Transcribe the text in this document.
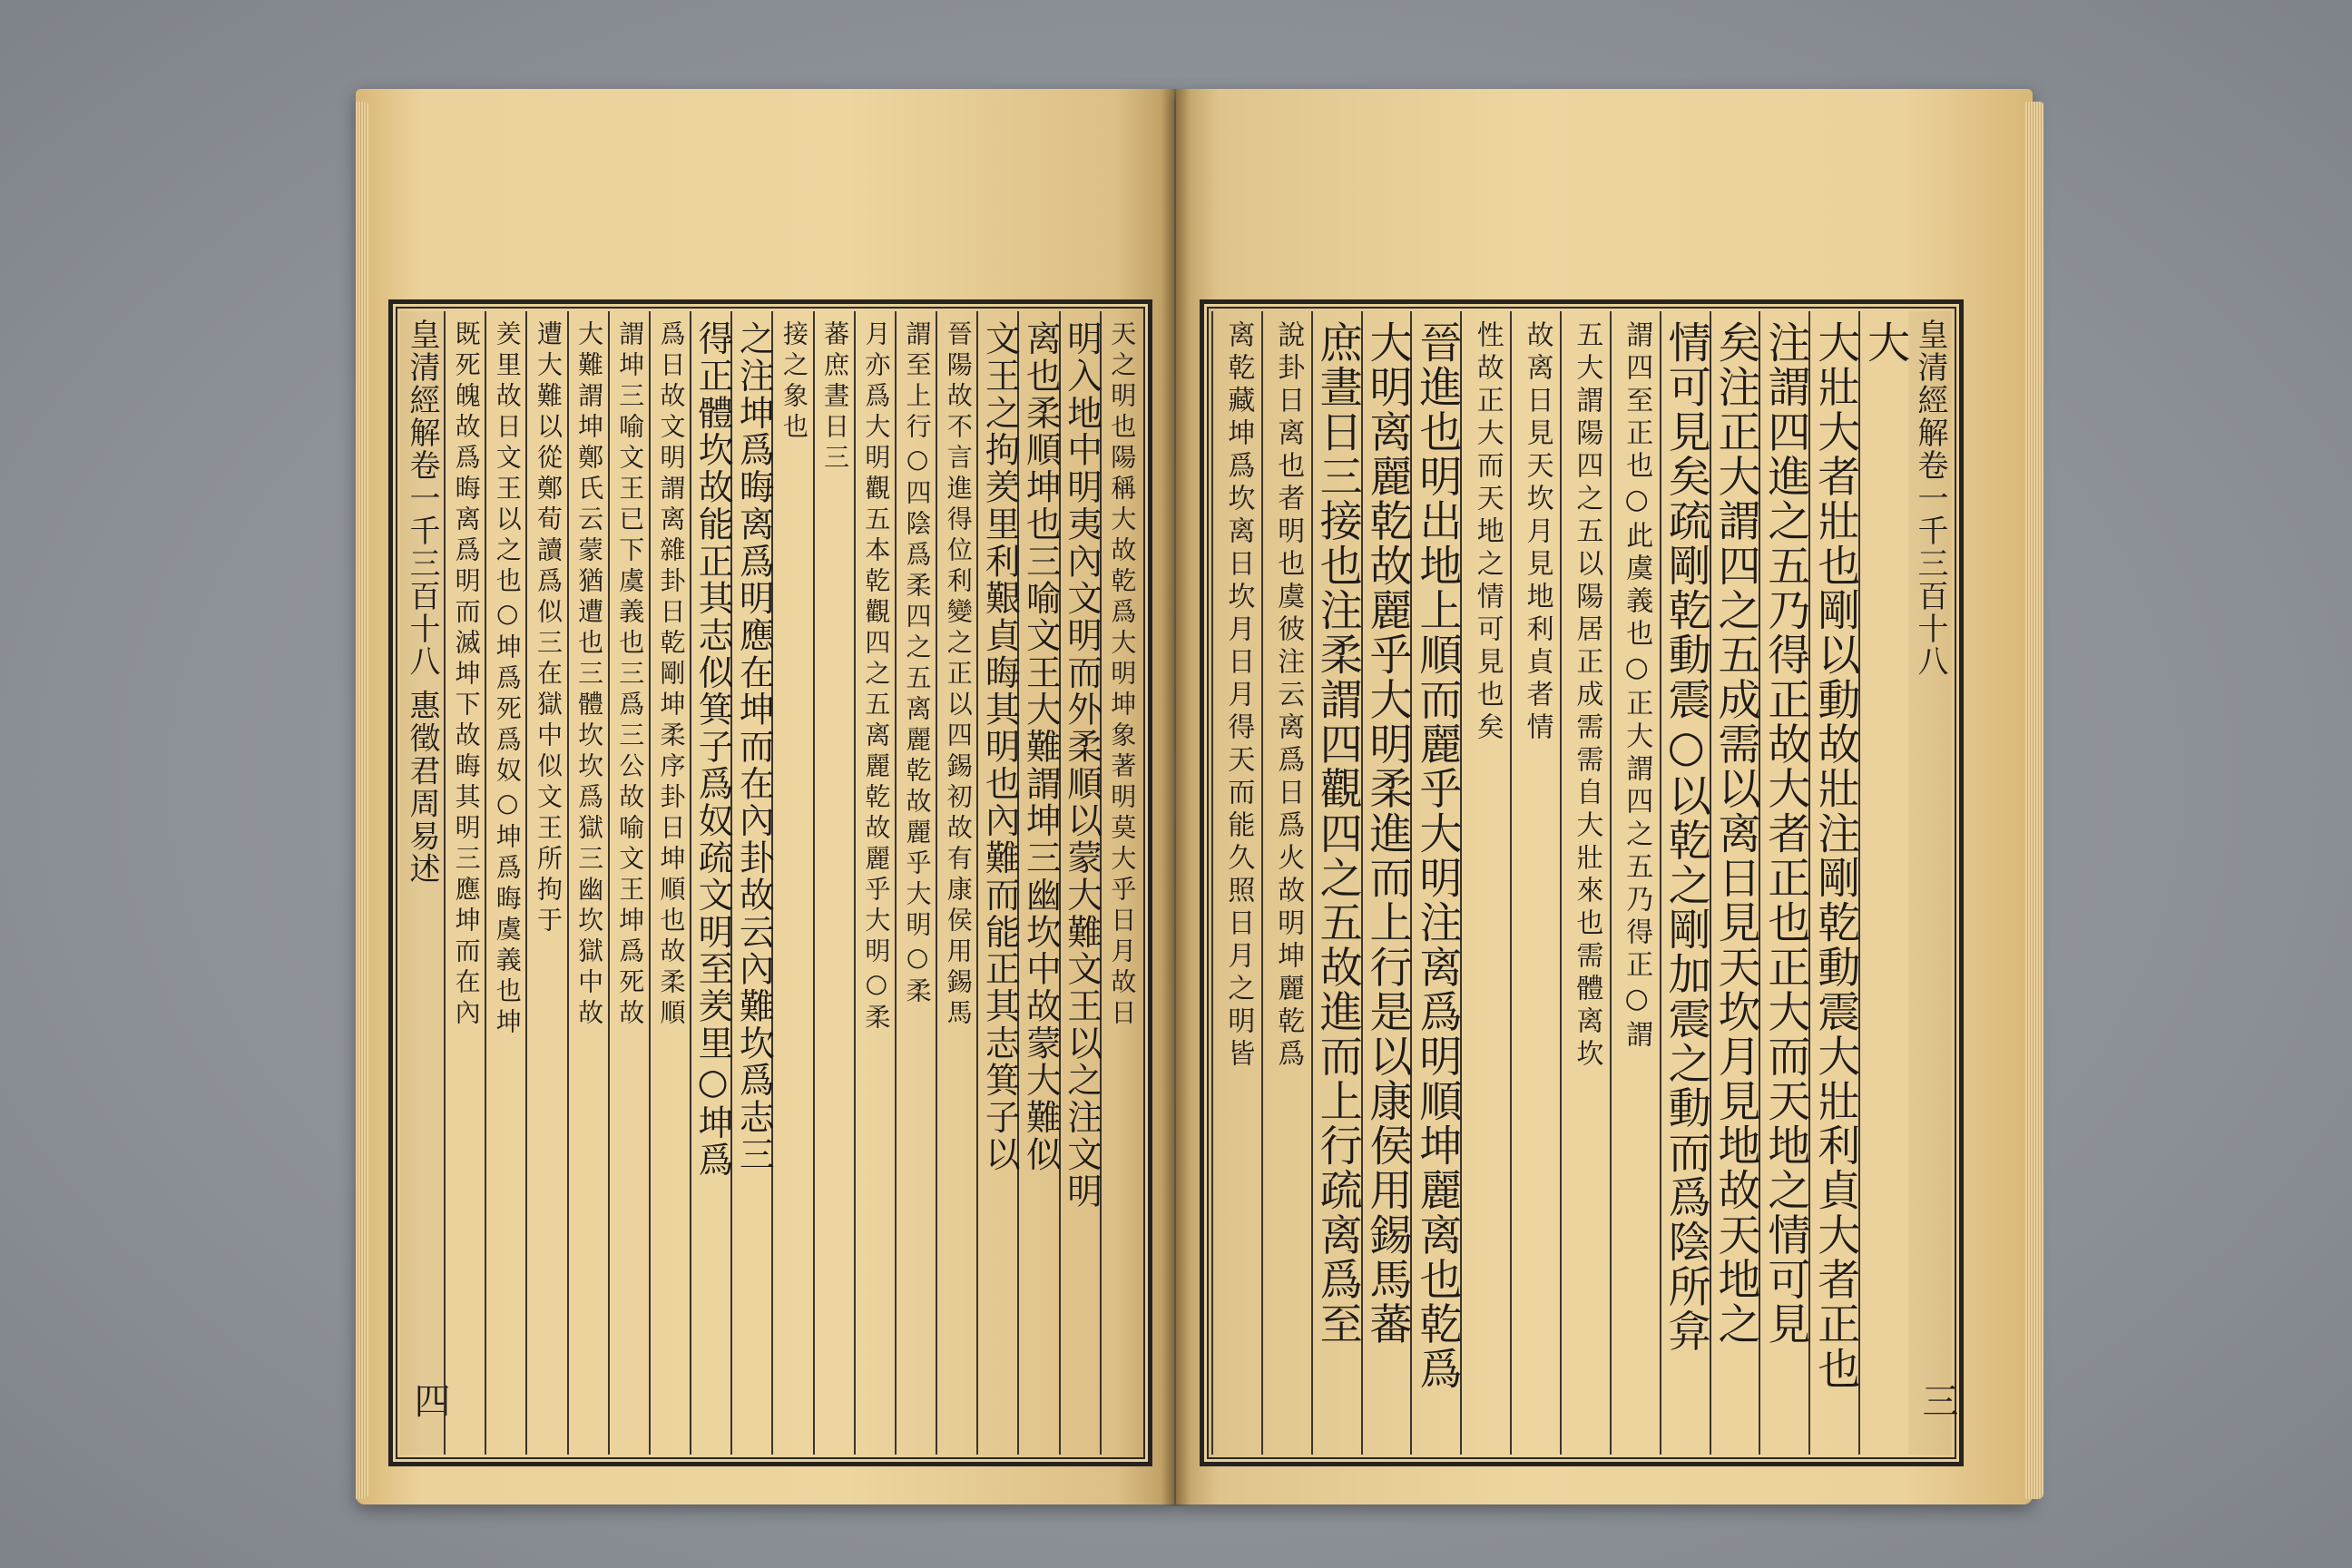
皇清經解卷一千三百十八 惠徵君周易述
四
天之明也陽稱大故乾爲大明坤象著明莫大乎日月故日
明入地中明夷內文明而外柔順以蒙大難文王以之注文明
离也柔順坤也三喻文王大難謂坤三幽坎中故蒙大難似
文王之拘羑里利艱貞晦其明也內難而能正其志箕子以
晉陽故不言進得位利變之正以四錫初故有康侯用錫馬
謂至上行○四陰爲柔四之五离麗乾故麗乎大明○柔
月亦爲大明觀五本乾觀四之五离麗乾故麗乎大明○柔
蕃庶晝日三
接之象也
之注坤爲晦离爲明應在坤而在內卦故云內難坎爲志三
得正體坎故能正其志似箕子爲奴疏文明至羑里○坤爲
爲日故文明謂离雜卦日乾剛坤柔序卦日坤順也故柔順
謂坤三喻文王已下虞義也三爲三公故喻文王坤爲死故
大難謂坤鄭氏云蒙猶遭也三體坎坎爲獄三幽坎獄中故
遭大難以從鄭荀讀爲似三在獄中似文王所拘于
羑里故日文王以之也○坤爲死爲奴○坤爲晦虞義也坤
既死魄故爲晦离爲明而滅坤下故晦其明三應坤而在內	皇清經解卷一千三百十八
三
大
大壯大者壯也剛以動故壯注剛乾動震大壯利貞大者正也
注謂四進之五乃得正故大者正也正大而天地之情可見
矣注正大謂四之五成需以离日見天坎月見地故天地之
情可見矣疏剛乾動震○以乾之剛加震之動而爲陰所弇
謂四至正也○此虞義也○正大謂四之五乃得正○謂
五大謂陽四之五以陽居正成需需自大壯來也需體离坎
故离日見天坎月見地利貞者情
性故正大而天地之情可見也矣
晉進也明出地上順而麗乎大明注离爲明順坤麗离也乾爲
大明离麗乾故麗乎大明柔進而上行是以康侯用錫馬蕃
庶晝日三接也注柔謂四觀四之五故進而上行疏离爲至
說卦日离也者明也虞彼注云离爲日爲火故明坤麗乾爲
离乾藏坤爲坎离日坎月日月得天而能久照日月之明皆
